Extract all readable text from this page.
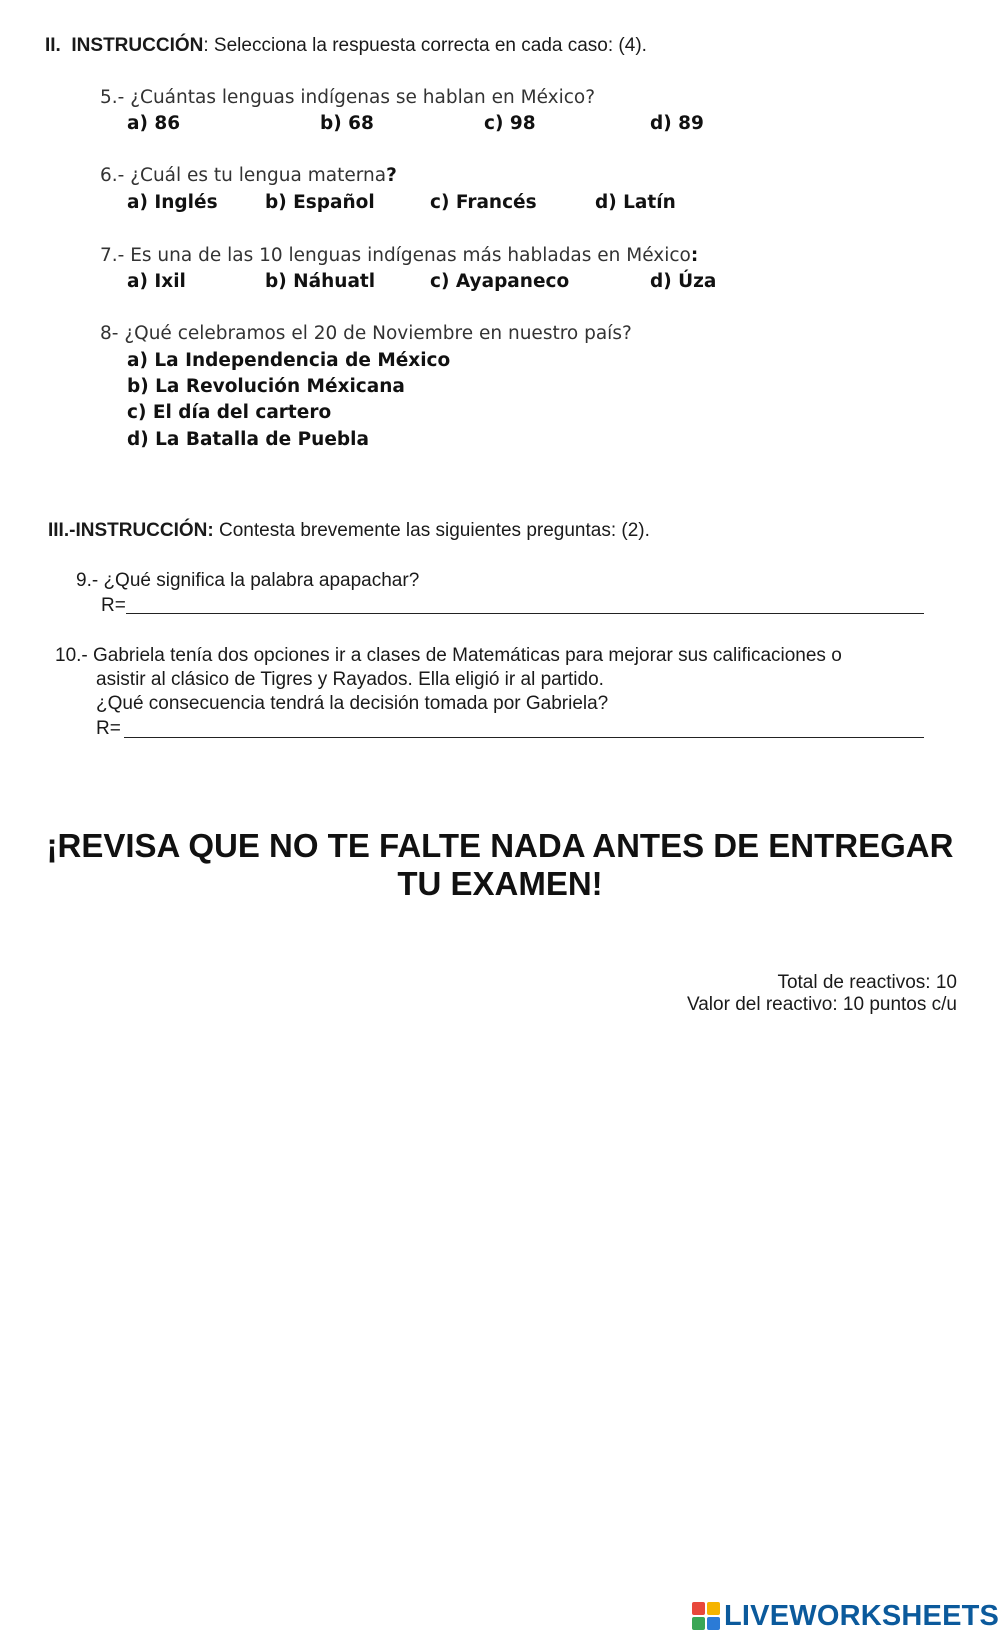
II. INSTRUCCIÓN: Selecciona la respuesta correcta en cada caso: (4).
5.- ¿Cuántas lenguas indígenas se hablan en México?
a) 86	b) 68	c) 98	d) 89
6.- ¿Cuál es tu lengua materna?
a) Inglés	b) Español	c) Francés	d) Latín
7.- Es una de las 10 lenguas indígenas más habladas en México:
a) Ixil	b) Náhuatl	c) Ayapaneco	d) Úza
8- ¿Qué celebramos el 20 de Noviembre en nuestro país?
a) La Independencia de México
b) La Revolución Méxicana
c) El día del cartero
d) La Batalla de Puebla
III.-INSTRUCCIÓN: Contesta brevemente las siguientes preguntas: (2).
9.- ¿Qué significa la palabra apapachar?
R=
10.- Gabriela tenía dos opciones ir a clases de Matemáticas para mejorar sus calificaciones o
asistir al clásico de Tigres y Rayados. Ella eligió ir al partido.
¿Qué consecuencia tendrá la decisión tomada por Gabriela?
R=
¡REVISA QUE NO TE FALTE NADA ANTES DE ENTREGAR
TU EXAMEN!
Total de reactivos: 10
Valor del reactivo: 10 puntos c/u
LIVEWORKSHEETS
